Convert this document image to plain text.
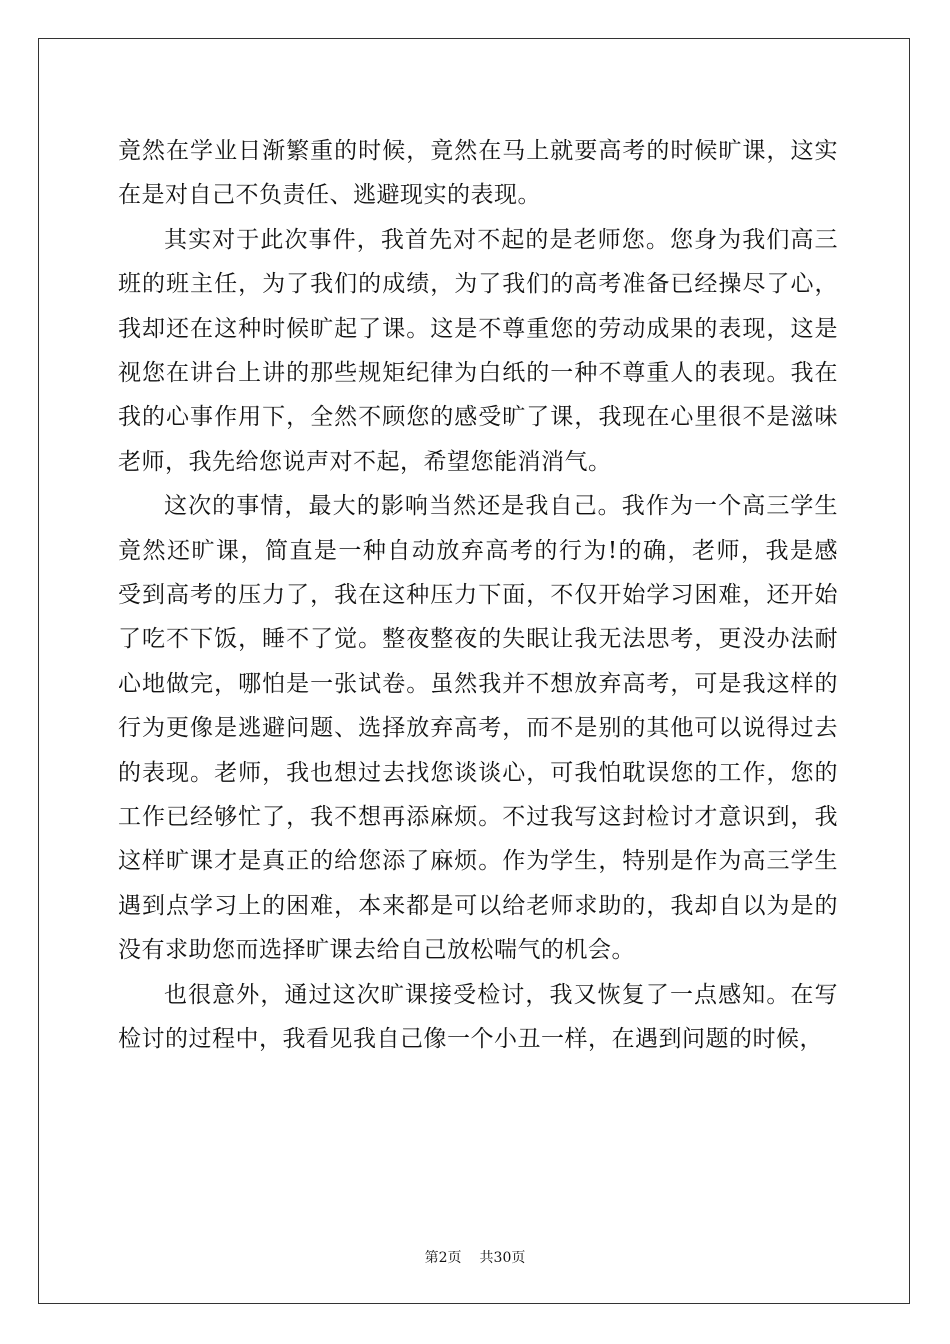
竟然在学业日渐繁重的时候，竟然在马上就要高考的时候旷课，这实
在是对自己不负责任、逃避现实的表现。
其实对于此次事件，我首先对不起的是老师您。您身为我们高三
班的班主任，为了我们的成绩，为了我们的高考准备已经操尽了心，
我却还在这种时候旷起了课。这是不尊重您的劳动成果的表现，这是
视您在讲台上讲的那些规矩纪律为白纸的一种不尊重人的表现。我在
我的心事作用下，全然不顾您的感受旷了课，我现在心里很不是滋味
老师，我先给您说声对不起，希望您能消消气。
这次的事情，最大的影响当然还是我自己。我作为一个高三学生
竟然还旷课，简直是一种自动放弃高考的行为!的确，老师，我是感
受到高考的压力了，我在这种压力下面，不仅开始学习困难，还开始
了吃不下饭，睡不了觉。整夜整夜的失眠让我无法思考，更没办法耐
心地做完，哪怕是一张试卷。虽然我并不想放弃高考，可是我这样的
行为更像是逃避问题、选择放弃高考，而不是别的其他可以说得过去
的表现。老师，我也想过去找您谈谈心，可我怕耽误您的工作，您的
工作已经够忙了，我不想再添麻烦。不过我写这封检讨才意识到，我
这样旷课才是真正的给您添了麻烦。作为学生，特别是作为高三学生
遇到点学习上的困难，本来都是可以给老师求助的，我却自以为是的
没有求助您而选择旷课去给自己放松喘气的机会。
也很意外，通过这次旷课接受检讨，我又恢复了一点感知。在写
检讨的过程中，我看见我自己像一个小丑一样，在遇到问题的时候，
第2页 共30页
